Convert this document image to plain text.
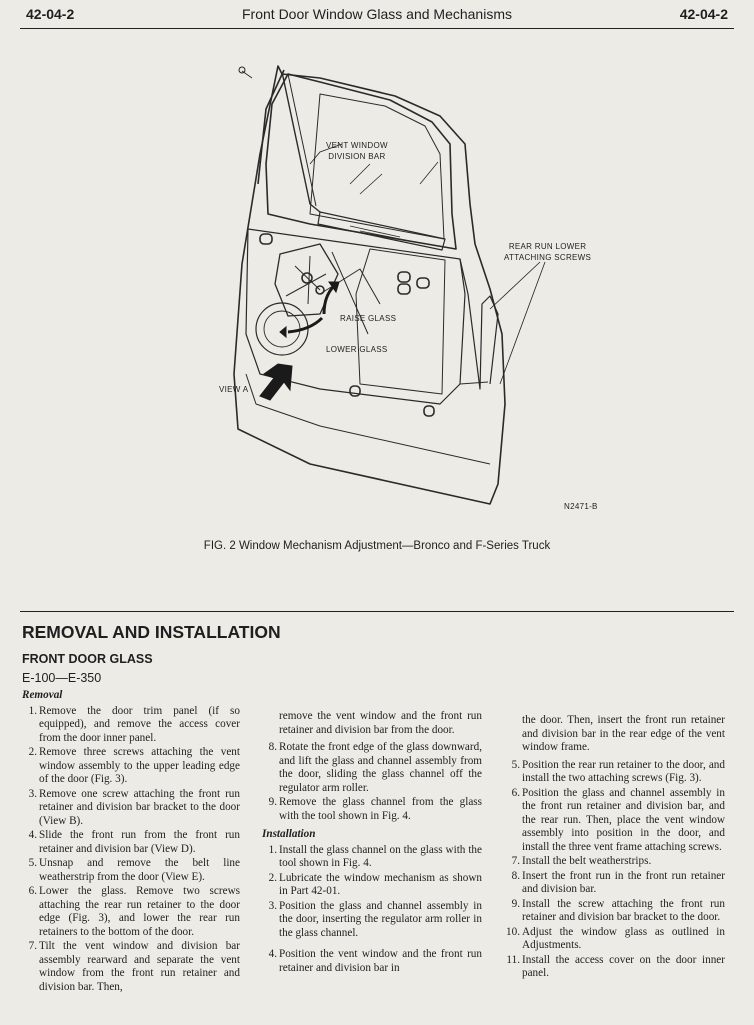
42-04-2	Front Door Window Glass and Mechanisms	42-04-2
VENT WINDOW
DIVISION BAR
REAR RUN LOWER
ATTACHING SCREWS
RAISE GLASS
LOWER GLASS
VIEW A
N2471-B
FIG. 2 Window Mechanism Adjustment—Bronco and F-Series Truck
REMOVAL AND INSTALLATION
FRONT DOOR GLASS
E-100—E-350
Removal
1. Remove the door trim panel (if so equipped), and remove the access cover from the door inner panel.
2. Remove three screws attaching the vent window assembly to the upper leading edge of the door (Fig. 3).
3. Remove one screw attaching the front run retainer and division bar bracket to the door (View B).
4. Slide the front run from the front run retainer and division bar (View D).
5. Unsnap and remove the belt line weatherstrip from the door (View E).
6. Lower the glass. Remove two screws attaching the rear run retainer to the door edge (Fig. 3), and lower the rear run retainers to the bottom of the door.
7. Tilt the vent window and division bar assembly rearward and separate the vent window from the front run retainer and division bar. Then,

remove the vent window and the front run retainer and division bar from the door.

8. Rotate the front edge of the glass downward, and lift the glass and channel assembly from the door, sliding the glass channel off the regulator arm roller.
9. Remove the glass channel from the glass with the tool shown in Fig. 4.
Installation
1. Install the glass channel on the glass with the tool shown in Fig. 4.
2. Lubricate the window mechanism as shown in Part 42-01.
3. Position the glass and channel assembly in the door, inserting the regulator arm roller in the glass channel.
4. Position the vent window and the front run retainer and division bar in

the door. Then, insert the front run retainer and division bar in the rear edge of the vent window frame.

5. Position the rear run retainer to the door, and install the two attaching screws (Fig. 3).
6. Position the glass and channel assembly in the front run retainer and division bar, and the rear run. Then, place the vent window assembly into position in the door, and install the three vent frame attaching screws.
7. Install the belt weatherstrips.
8. Insert the front run in the front run retainer and division bar.
9. Install the screw attaching the front run retainer and division bar bracket to the door.
10. Adjust the window glass as outlined in Adjustments.
11. Install the access cover on the door inner panel.
